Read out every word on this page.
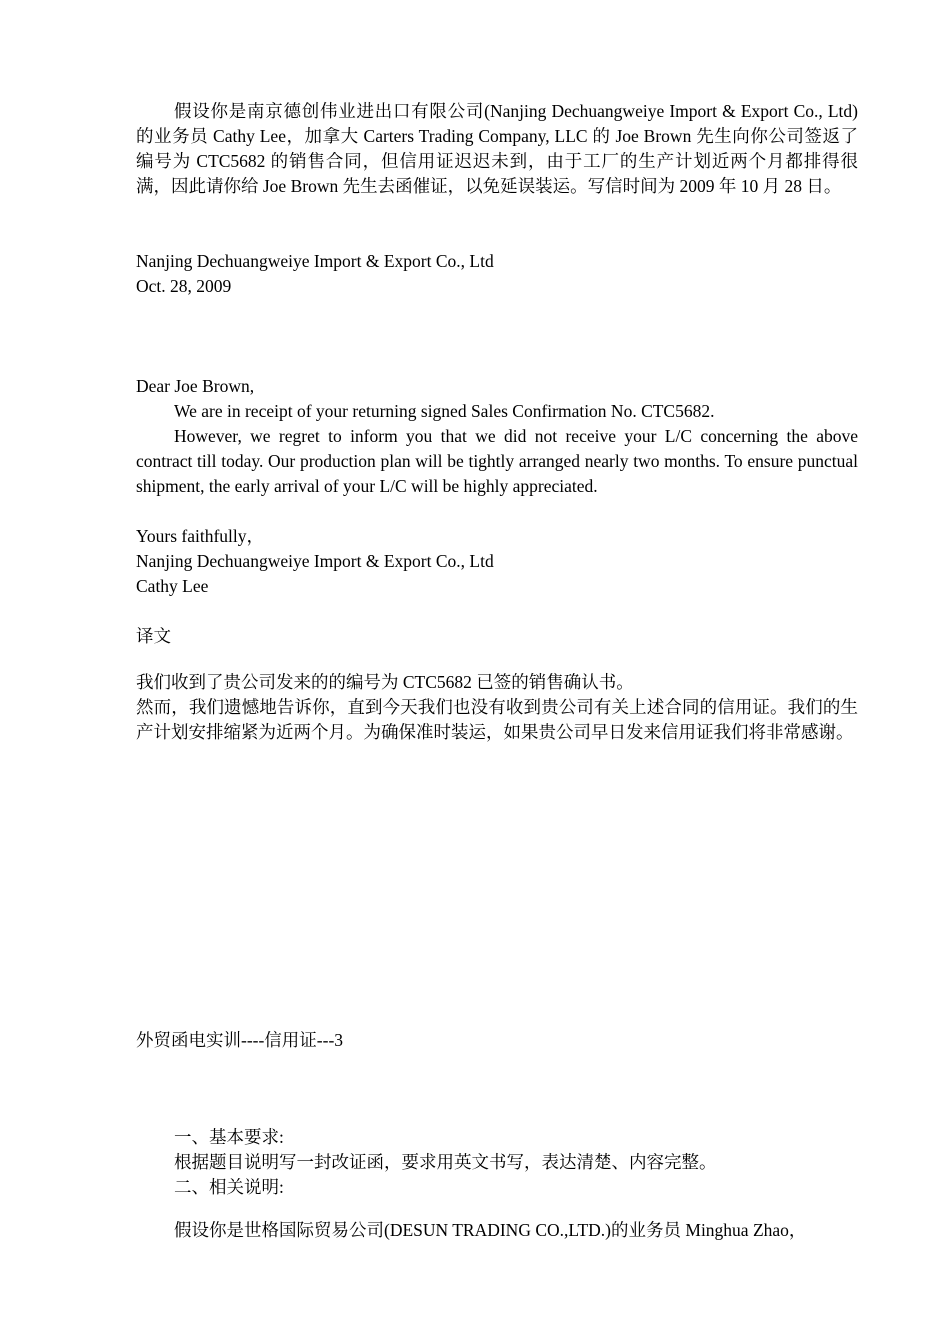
假设你是南京德创伟业进出口有限公司(Nanjing Dechuangweiye Import & Export Co., Ltd)的业务员 Cathy Lee，加拿大 Carters Trading Company, LLC 的 Joe Brown 先生向你公司签返了编号为 CTC5682 的销售合同，但信用证迟迟未到，由于工厂的生产计划近两个月都排得很满，因此请你给 Joe Brown 先生去函催证，以免延误装运。写信时间为 2009 年 10 月 28 日。
Nanjing Dechuangweiye Import & Export Co., Ltd
Oct. 28, 2009
Dear Joe Brown,
We are in receipt of your returning signed Sales Confirmation No. CTC5682.
However, we regret to inform you that we did not receive your L/C concerning the above contract till today. Our production plan will be tightly arranged nearly two months. To ensure punctual shipment, the early arrival of your L/C will be highly appreciated.
Yours faithfully，
Nanjing Dechuangweiye Import & Export Co., Ltd
Cathy Lee
译文
我们收到了贵公司发来的的编号为 CTC5682 已签的销售确认书。
然而，我们遗憾地告诉你，直到今天我们也没有收到贵公司有关上述合同的信用证。我们的生产计划安排缩紧为近两个月。为确保准时装运，如果贵公司早日发来信用证我们将非常感谢。
外贸函电实训----信用证---3
一、基本要求:
根据题目说明写一封改证函，要求用英文书写，表达清楚、内容完整。
二、相关说明:
假设你是世格国际贸易公司(DESUN TRADING CO.,LTD.)的业务员 Minghua Zhao，
